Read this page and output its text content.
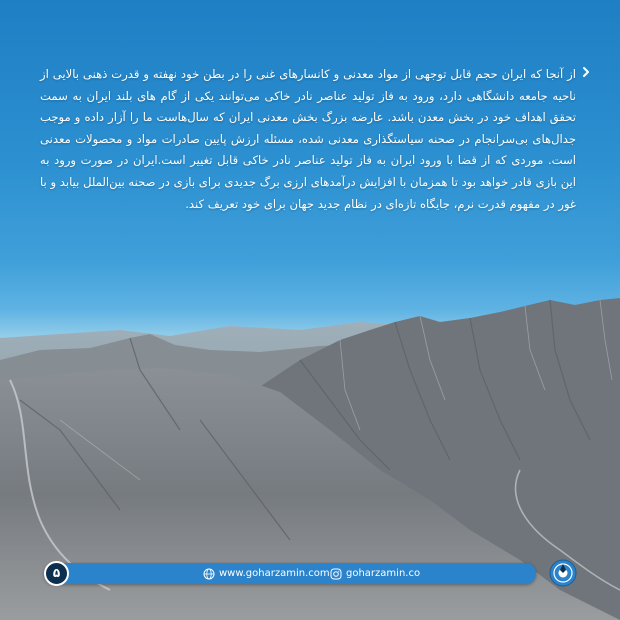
از آنجا که ایران حجم قابل توجهی از مواد معدنی و کانسارهای غنی را در بطن خود نهفته و قدرت ذهنی بالایی از ناحیه جامعه دانشگاهی دارد، ورود به فاز تولید عناصر نادر خاکی می‌توانند یکی از گام های بلند ایران به سمت تحقق اهداف خود در بخش معدن باشد. عارضه بزرگ بخش معدنی ایران که سال‌هاست ما را آزار داده و موجب جدال‌های بی‌سرانجام در صحنه سیاستگذاری معدنی شده، مسئله ارزش پایین صادرات مواد و محصولات معدنی است. موردی که از قضا با ورود ایران به فاز تولید عناصر نادر خاکی قابل تغییر است.ایران در صورت ورود به این بازی قادر خواهد بود تا همزمان با افزایش درآمدهای ارزی برگ جدیدی برای بازی در صحنه بین‌الملل بیابد و با غور در مفهوم قدرت نرم، جایگاه تازه‌ای در نظام جدید جهان برای خود تعریف کند.
۵	www.goharzamin.com goharzamin.co
